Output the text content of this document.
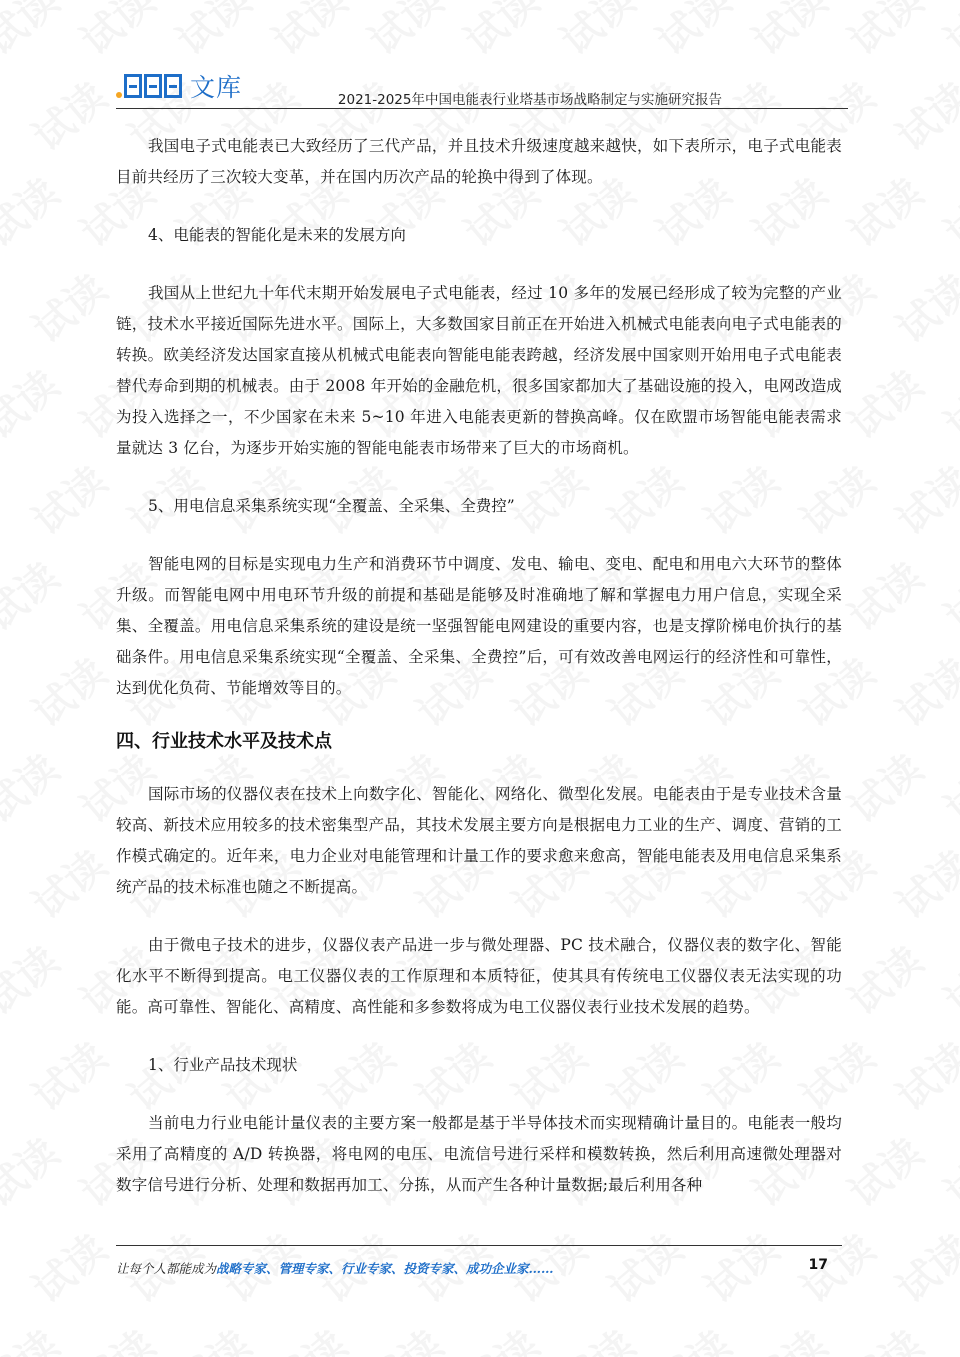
文库	2021-2025年中国电能表行业塔基市场战略制定与实施研究报告

我国电子式电能表已大致经历了三代产品，并且技术升级速度越来越快，如下表所示，电子式电能表目前共经历了三次较大变革，并在国内历次产品的轮换中得到了体现。

4、电能表的智能化是未来的发展方向

我国从上世纪九十年代末期开始发展电子式电能表，经过 10 多年的发展已经形成了较为完整的产业链，技术水平接近国际先进水平。国际上，大多数国家目前正在开始进入机械式电能表向电子式电能表的转换。欧美经济发达国家直接从机械式电能表向智能电能表跨越，经济发展中国家则开始用电子式电能表替代寿命到期的机械表。由于 2008 年开始的金融危机，很多国家都加大了基础设施的投入，电网改造成为投入选择之一，不少国家在未来 5~10 年进入电能表更新的替换高峰。仅在欧盟市场智能电能表需求量就达 3 亿台，为逐步开始实施的智能电能表市场带来了巨大的市场商机。

5、用电信息采集系统实现“全覆盖、全采集、全费控”

智能电网的目标是实现电力生产和消费环节中调度、发电、输电、变电、配电和用电六大环节的整体升级。而智能电网中用电环节升级的前提和基础是能够及时准确地了解和掌握电力用户信息，实现全采集、全覆盖。用电信息采集系统的建设是统一坚强智能电网建设的重要内容，也是支撑阶梯电价执行的基础条件。用电信息采集系统实现“全覆盖、全采集、全费控”后，可有效改善电网运行的经济性和可靠性，达到优化负荷、节能增效等目的。

四、行业技术水平及技术点

国际市场的仪器仪表在技术上向数字化、智能化、网络化、微型化发展。电能表由于是专业技术含量较高、新技术应用较多的技术密集型产品，其技术发展主要方向是根据电力工业的生产、调度、营销的工作模式确定的。近年来，电力企业对电能管理和计量工作的要求愈来愈高，智能电能表及用电信息采集系统产品的技术标准也随之不断提高。

由于微电子技术的进步，仪器仪表产品进一步与微处理器、PC 技术融合，仪器仪表的数字化、智能化水平不断得到提高。电工仪器仪表的工作原理和本质特征，使其具有传统电工仪器仪表无法实现的功能。高可靠性、智能化、高精度、高性能和多参数将成为电工仪器仪表行业技术发展的趋势。

1、行业产品技术现状

当前电力行业电能计量仪表的主要方案一般都是基于半导体技术而实现精确计量目的。电能表一般均采用了高精度的 A/D 转换器，将电网的电压、电流信号进行采样和模数转换，然后利用高速微处理器对数字信号进行分析、处理和数据再加工、分拣，从而产生各种计量数据;最后利用各种

让每个人都能成为战略专家、管理专家、行业专家、投资专家、成功企业家……	17
